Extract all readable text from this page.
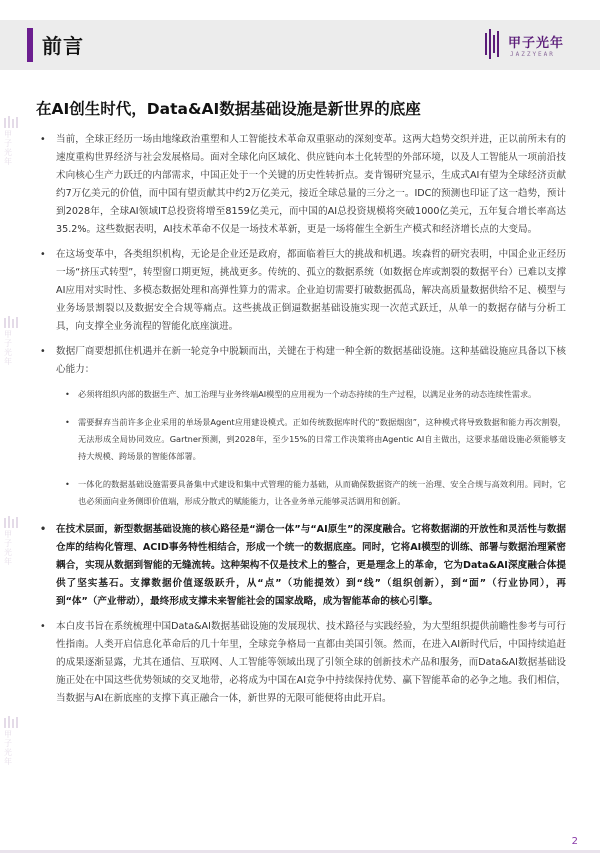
前言	甲子光年
JAZZYEAR
甲子光年
甲子光年
甲子光年
甲子光年
在AI创生时代，Data&AI数据基础设施是新世界的底座
• 当前，全球正经历一场由地缘政治重塑和人工智能技术革命双重驱动的深刻变革。这两大趋势交织并进，正以前所未有的速度重构世界经济与社会发展格局。面对全球化向区域化、供应链向本土化转型的外部环境，以及人工智能从一项前沿技术向核心生产力跃迁的内部需求，中国正处于一个关键的历史性转折点。麦肯锡研究显示，生成式AI有望为全球经济贡献约7万亿美元的价值，而中国有望贡献其中约2万亿美元，接近全球总量的三分之一。IDC的预测也印证了这一趋势，预计到2028年，全球AI领域IT总投资将增至8159亿美元，而中国的AI总投资规模将突破1000亿美元，五年复合增长率高达35.2%。这些数据表明，AI技术革命不仅是一场技术革新，更是一场将催生全新生产模式和经济增长点的大变局。
• 在这场变革中，各类组织机构，无论是企业还是政府，都面临着巨大的挑战和机遇。埃森哲的研究表明，中国企业正经历一场“挤压式转型”，转型窗口期更短，挑战更多。传统的、孤立的数据系统（如数据仓库或割裂的数据平台）已难以支撑AI应用对实时性、多模态数据处理和高弹性算力的需求。企业迫切需要打破数据孤岛，解决高质量数据供给不足、模型与业务场景割裂以及数据安全合规等痛点。这些挑战正倒逼数据基础设施实现一次范式跃迁，从单一的数据存储与分析工具，向支撑全业务流程的智能化底座演进。
• 数据厂商要想抓住机遇并在新一轮竞争中脱颖而出，关键在于构建一种全新的数据基础设施。这种基础设施应具备以下核心能力：
• 必须将组织内部的数据生产、加工治理与业务终端AI模型的应用视为一个动态持续的生产过程，以满足业务的动态连续性需求。
• 需要摒弃当前许多企业采用的单场景Agent应用建设模式。正如传统数据库时代的“数据烟囱”，这种模式将导致数据和能力再次割裂，无法形成全局协同效应。Gartner预测，到2028年，至少15%的日常工作决策将由Agentic AI自主做出，这要求基础设施必须能够支持大规模、跨场景的智能体部署。
• 一体化的数据基础设施需要具备集中式建设和集中式管理的能力基础，从而确保数据资产的统一治理、安全合规与高效利用。同时，它也必须面向业务侧即价值端，形成分散式的赋能能力，让各业务单元能够灵活调用和创新。
• 在技术层面，新型数据基础设施的核心路径是“湖仓一体”与“AI原生”的深度融合。它将数据湖的开放性和灵活性与数据仓库的结构化管理、ACID事务特性相结合，形成一个统一的数据底座。同时，它将AI模型的训练、部署与数据治理紧密耦合，实现从数据到智能的无缝流转。这种架构不仅是技术上的整合，更是理念上的革命，它为Data&AI深度融合体提供了坚实基石。支撑数据价值逐级跃升，从“点”（功能提效）到“线”（组织创新），到“面”（行业协同），再到“体”（产业带动），最终形成支撑未来智能社会的国家战略，成为智能革命的核心引擎。
• 本白皮书旨在系统梳理中国Data&AI数据基础设施的发展现状、技术路径与实践经验，为大型组织提供前瞻性参考与可行性指南。人类开启信息化革命后的几十年里，全球竞争格局一直都由美国引领。然而，在进入AI新时代后，中国持续追赶的成果逐渐显露，尤其在通信、互联网、人工智能等领域出现了引领全球的创新技术产品和服务，而Data&AI数据基础设施正处在中国这些优势领域的交叉地带，必将成为中国在AI竞争中持续保持优势、赢下智能革命的必争之地。我们相信，当数据与AI在新底座的支撑下真正融合一体，新世界的无限可能便将由此开启。
2
